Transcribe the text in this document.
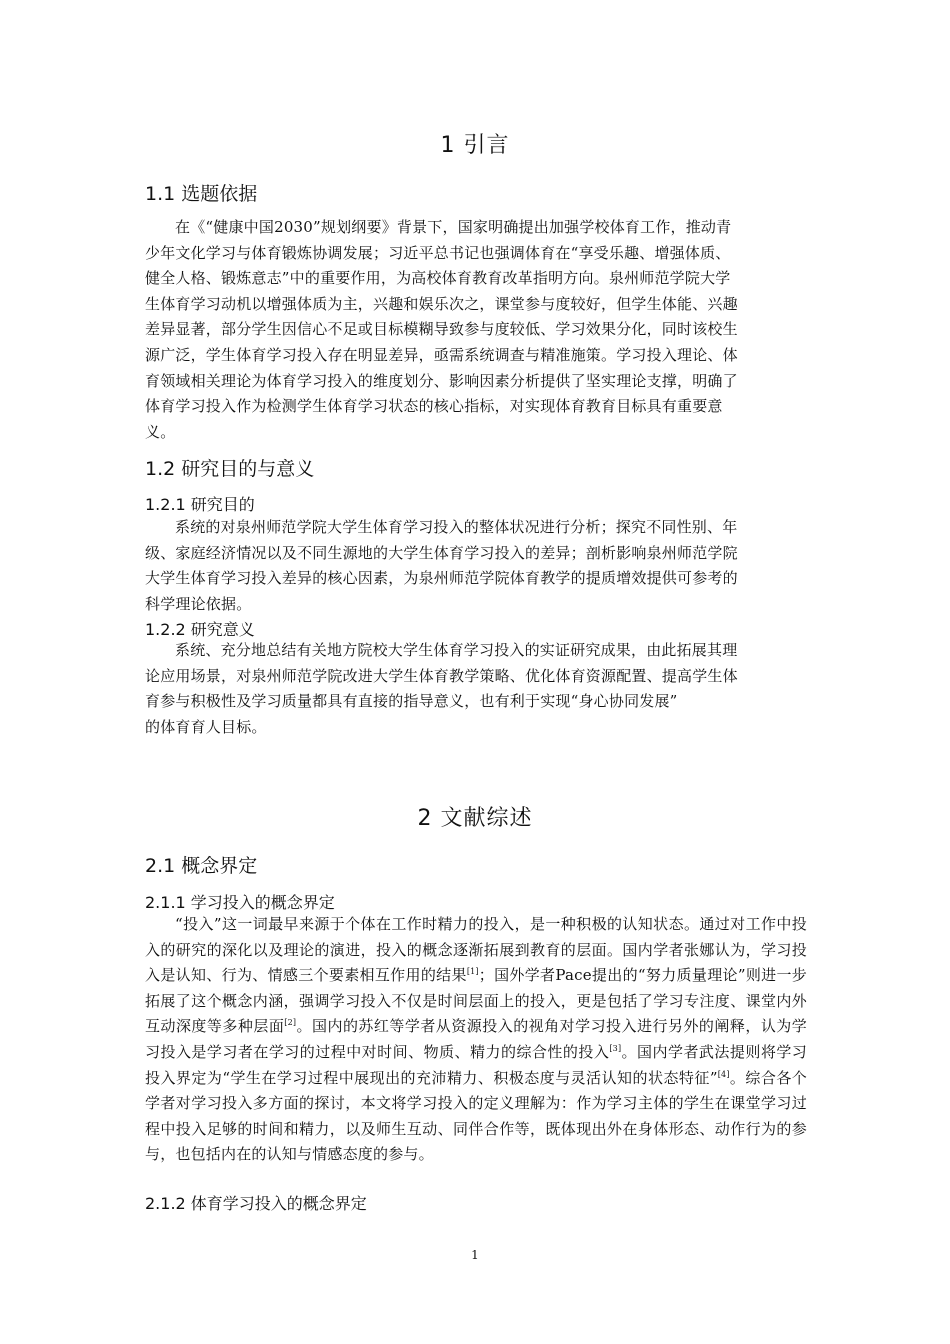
1 引言
1.1 选题依据
在《“健康中国2030”规划纲要》背景下，国家明确提出加强学校体育工作，推动青
少年文化学习与体育锻炼协调发展；习近平总书记也强调体育在“享受乐趣、增强体质、
健全人格、锻炼意志”中的重要作用，为高校体育教育改革指明方向。泉州师范学院大学
生体育学习动机以增强体质为主，兴趣和娱乐次之，课堂参与度较好，但学生体能、兴趣
差异显著，部分学生因信心不足或目标模糊导致参与度较低、学习效果分化，同时该校生
源广泛，学生体育学习投入存在明显差异，亟需系统调查与精准施策。学习投入理论、体
育领域相关理论为体育学习投入的维度划分、影响因素分析提供了坚实理论支撑，明确了
体育学习投入作为检测学生体育学习状态的核心指标，对实现体育教育目标具有重要意
义。
1.2 研究目的与意义
1.2.1 研究目的
系统的对泉州师范学院大学生体育学习投入的整体状况进行分析；探究不同性别、年
级、家庭经济情况以及不同生源地的大学生体育学习投入的差异；剖析影响泉州师范学院
大学生体育学习投入差异的核心因素，为泉州师范学院体育教学的提质增效提供可参考的
科学理论依据。
1.2.2 研究意义
系统、充分地总结有关地方院校大学生体育学习投入的实证研究成果，由此拓展其理
论应用场景，对泉州师范学院改进大学生体育教学策略、优化体育资源配置、提高学生体
育参与积极性及学习质量都具有直接的指导意义，也有利于实现“身心协同发展”
的体育育人目标。
2 文献综述
2.1 概念界定
2.1.1 学习投入的概念界定
“投入”这一词最早来源于个体在工作时精力的投入，是一种积极的认知状态。通过对工作中投入的研究的深化以及理论的演进，投入的概念逐渐拓展到教育的层面。国内学者张娜认为，学习投入是认知、行为、情感三个要素相互作用的结果[1]；国外学者Pace提出的“努力质量理论”则进一步拓展了这个概念内涵，强调学习投入不仅是时间层面上的投入，更是包括了学习专注度、课堂内外互动深度等多种层面[2]。国内的苏红等学者从资源投入的视角对学习投入进行另外的阐释，认为学习投入是学习者在学习的过程中对时间、物质、精力的综合性的投入[3]。国内学者武法提则将学习投入界定为“学生在学习过程中展现出的充沛精力、积极态度与灵活认知的状态特征”[4]。综合各个学者对学习投入多方面的探讨，本文将学习投入的定义理解为：作为学习主体的学生在课堂学习过程中投入足够的时间和精力，以及师生互动、同伴合作等，既体现出外在身体形态、动作行为的参与，也包括内在的认知与情感态度的参与。
2.1.2 体育学习投入的概念界定
1
